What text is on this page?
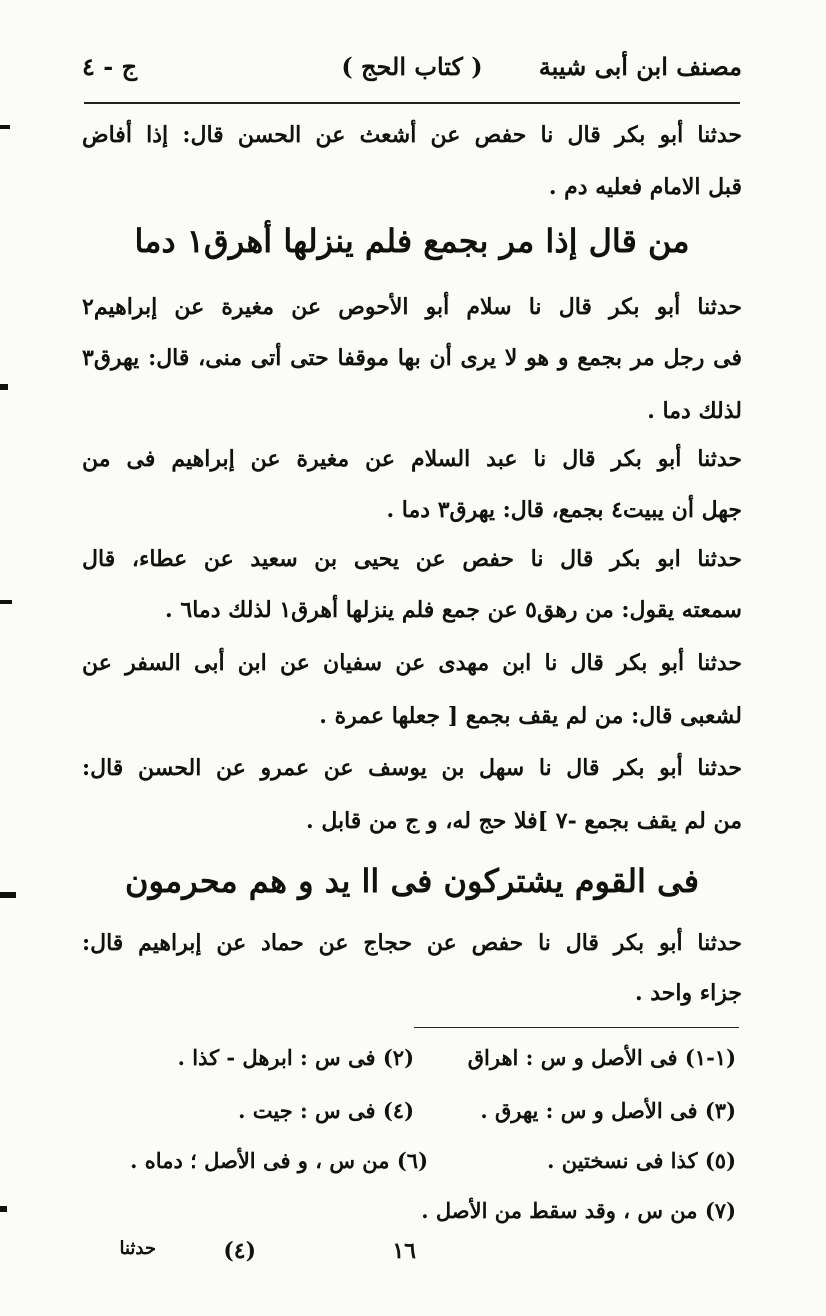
مصنف ابن أبى شيبة
( كتاب الحج )
ج - ٤
حدثنا أبو بكر قال نا حفص عن أشعث عن الحسن قال: إذا أفاض
قبل الامام فعليه دم .
من قال إذا مر بجمع فلم ينزلها أهرق١ دما
حدثنا أبو بكر قال نا سلام أبو الأحوص عن مغيرة عن إبراهيم٢
فى رجل مر بجمع و هو لا يرى أن بها موقفا حتى أتى منى، قال: يهرق٣
لذلك دما .
حدثنا أبو بكر قال نا عبد السلام عن مغيرة عن إبراهيم فى من
جهل أن يبيت٤ بجمع، قال: يهرق٣ دما .
حدثنا ابو بكر قال نا حفص عن يحيى بن سعيد عن عطاء، قال
سمعته يقول: من رهق٥ عن جمع فلم ينزلها أهرق١ لذلك دما٦ .
حدثنا أبو بكر قال نا ابن مهدى عن سفيان عن ابن أبى السفر عن
لشعبى قال: من لم يقف بجمع [ جعلها عمرة .
حدثنا أبو بكر قال نا سهل بن يوسف عن عمرو عن الحسن قال:
من لم يقف بجمع -٧ ]فلا حج له، و ج من قابل .
فى القوم يشتركون فى اا يد و هم محرمون
حدثنا أبو بكر قال نا حفص عن حجاج عن حماد عن إبراهيم قال:
جزاء واحد .
(١-١) فى الأصل و س : اهراق
(٢) فى س : ابرهل - كذا .
(٣) فى الأصل و س : يهرق .
(٤) فى س : جيت .
(٥) كذا فى نسختين .
(٦) من س ، و فى الأصل ؛ دماه .
(٧) من س ، وقد سقط من الأصل .
١٦
(٤)
حدثنا
